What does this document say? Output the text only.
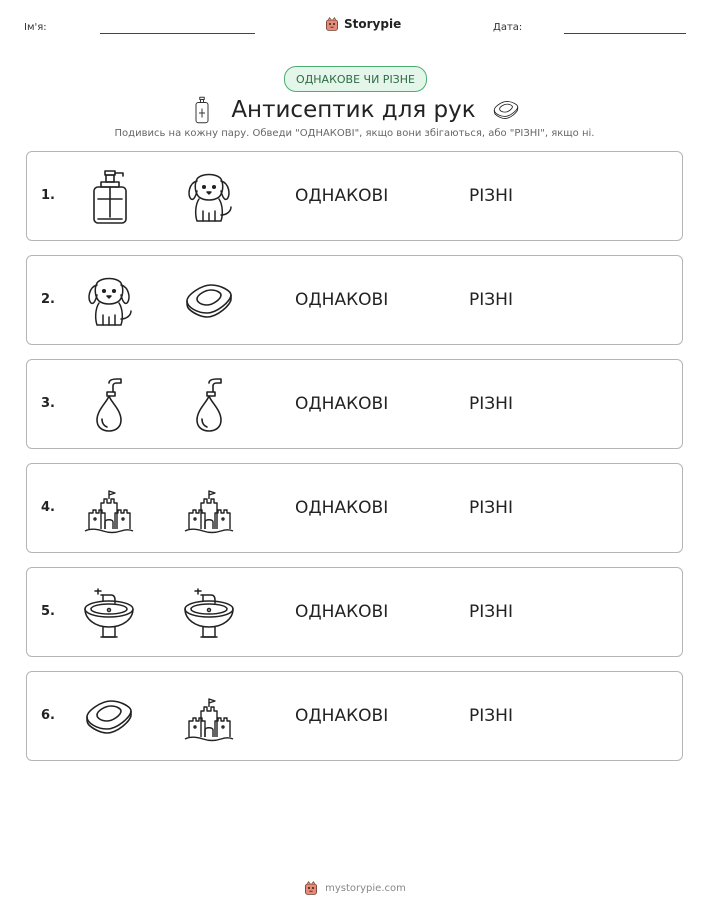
Ім'я:	Storypie	Дата:
ОДНАКОВЕ ЧИ РІЗНЕ
Антисептик для рук
Подивись на кожну пару. Обведи "ОДНАКОВІ", якщо вони збігаються, або "РІЗНІ", якщо ні.
1.	ОДНАКОВІ	РІЗНІ
2.	ОДНАКОВІ	РІЗНІ
3.	ОДНАКОВІ	РІЗНІ
4.	ОДНАКОВІ	РІЗНІ
5.	ОДНАКОВІ	РІЗНІ
6.	ОДНАКОВІ	РІЗНІ
mystorypie.com
